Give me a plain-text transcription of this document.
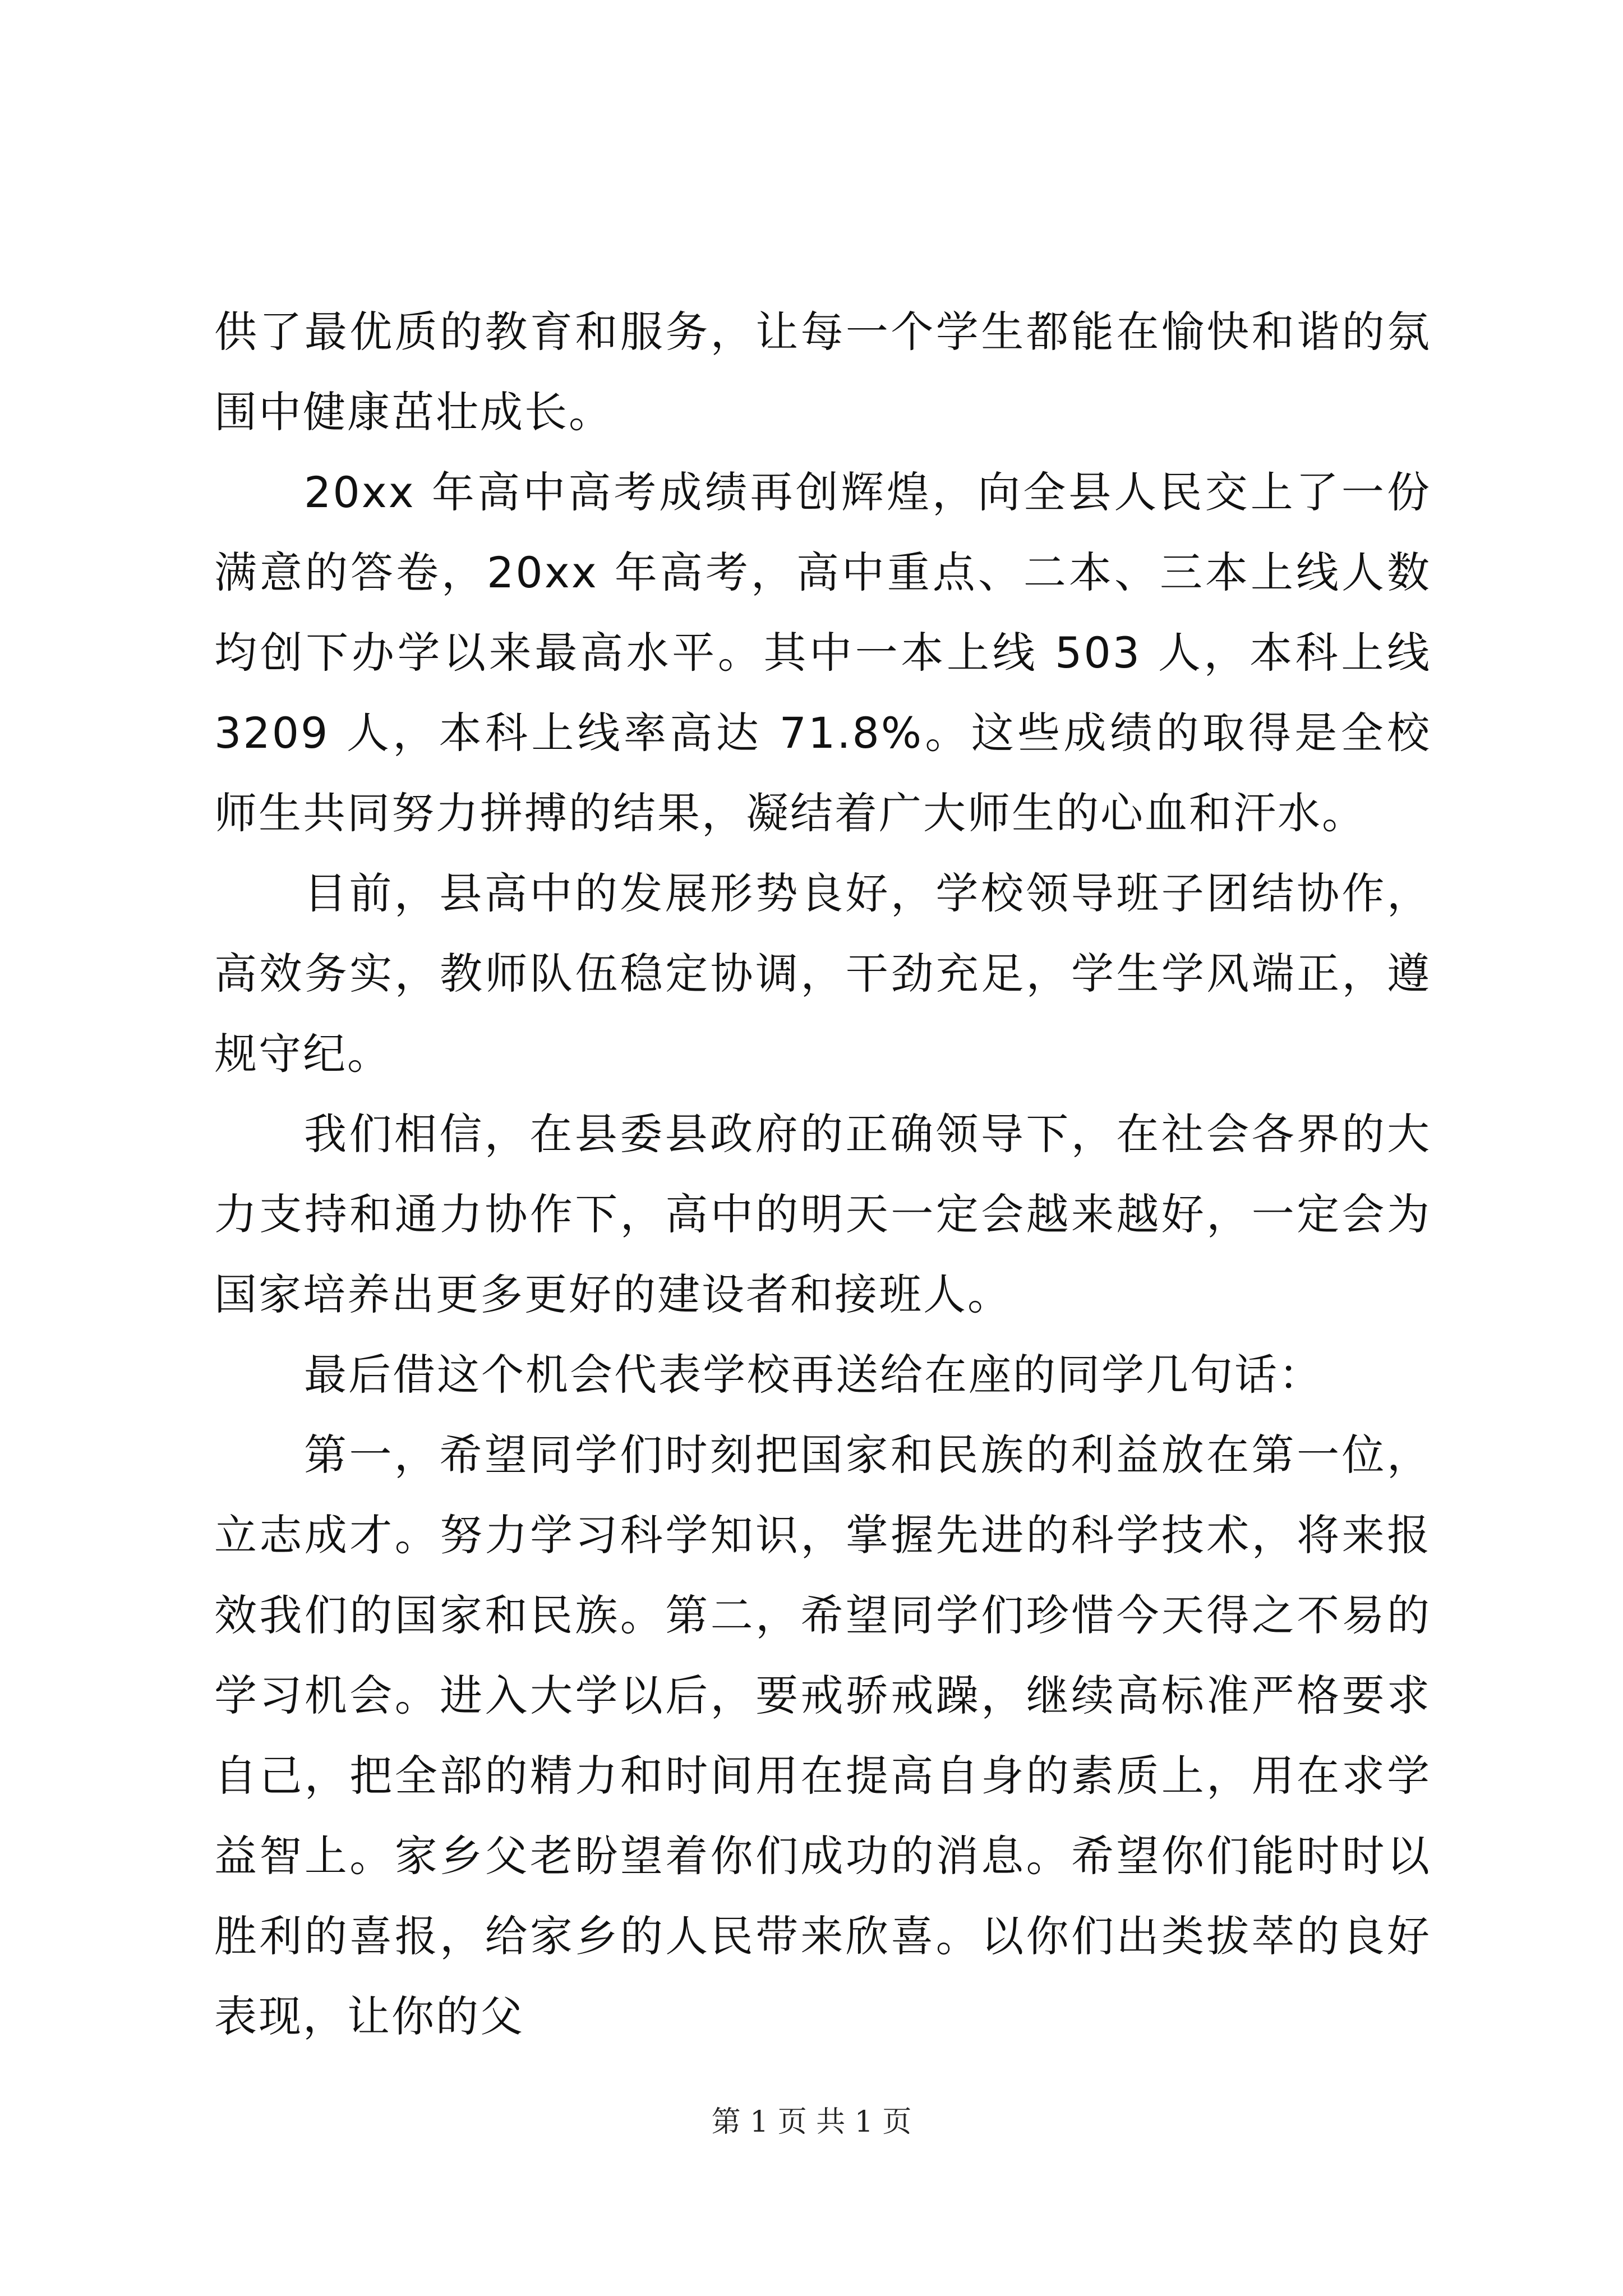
供了最优质的教育和服务，让每一个学生都能在愉快和谐的氛围中健康茁壮成长。

20xx 年高中高考成绩再创辉煌，向全县人民交上了一份满意的答卷，20xx 年高考，高中重点、二本、三本上线人数均创下办学以来最高水平。其中一本上线 503 人，本科上线 3209 人，本科上线率高达 71.8%。这些成绩的取得是全校师生共同努力拼搏的结果，凝结着广大师生的心血和汗水。

目前，县高中的发展形势良好，学校领导班子团结协作，高效务实，教师队伍稳定协调，干劲充足，学生学风端正，遵规守纪。

我们相信，在县委县政府的正确领导下，在社会各界的大力支持和通力协作下，高中的明天一定会越来越好，一定会为国家培养出更多更好的建设者和接班人。

最后借这个机会代表学校再送给在座的同学几句话：

第一，希望同学们时刻把国家和民族的利益放在第一位，立志成才。努力学习科学知识，掌握先进的科学技术，将来报效我们的国家和民族。第二，希望同学们珍惜今天得之不易的学习机会。进入大学以后，要戒骄戒躁，继续高标准严格要求自己，把全部的精力和时间用在提高自身的素质上，用在求学益智上。家乡父老盼望着你们成功的消息。希望你们能时时以胜利的喜报，给家乡的人民带来欣喜。以你们出类拔萃的良好表现，让你的父

第 1 页 共 1 页
